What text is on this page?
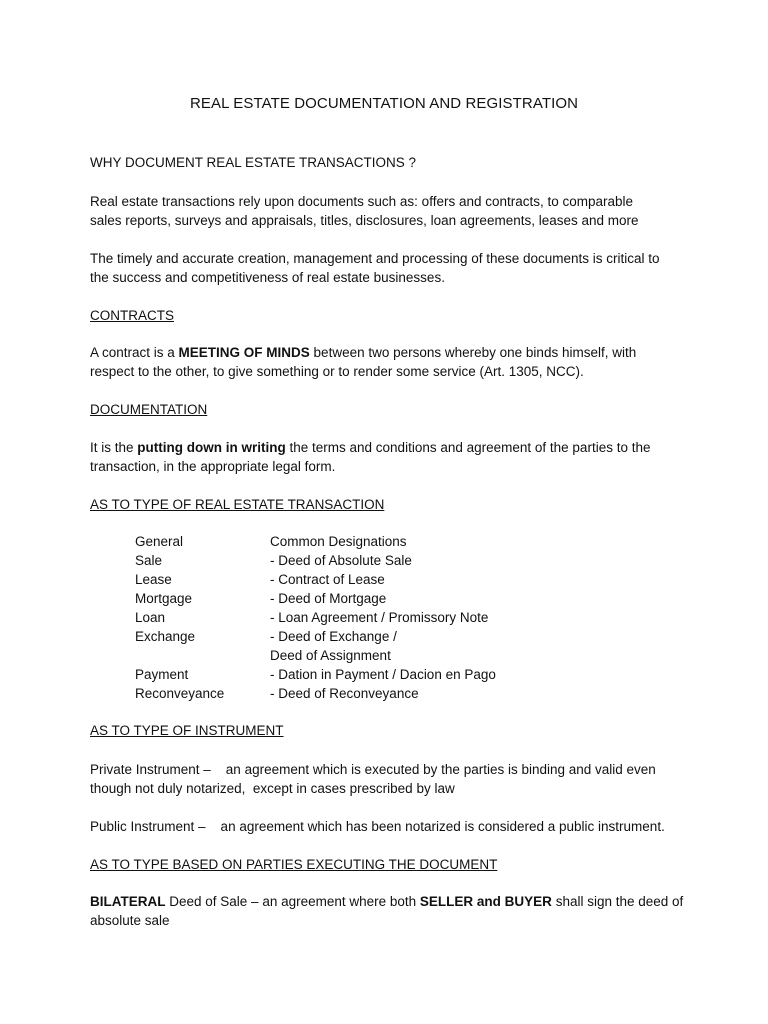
REAL ESTATE DOCUMENTATION AND REGISTRATION
WHY DOCUMENT REAL ESTATE TRANSACTIONS ?
Real estate transactions rely upon documents such as: offers and contracts, to comparable
sales reports, surveys and appraisals, titles, disclosures, loan agreements, leases and more
The timely and accurate creation, management and processing of these documents is critical to
the success and competitiveness of real estate businesses.
CONTRACTS
A contract is a MEETING OF MINDS between two persons whereby one binds himself, with
respect to the other, to give something or to render some service (Art. 1305, NCC).
DOCUMENTATION
It is the putting down in writing the terms and conditions and agreement of the parties to the
transaction, in the appropriate legal form.
AS TO TYPE OF REAL ESTATE TRANSACTION
General	Common Designations
Sale	- Deed of Absolute Sale
Lease	- Contract of Lease
Mortgage	- Deed of Mortgage
Loan	- Loan Agreement / Promissory Note
Exchange	- Deed of Exchange /
Deed of Assignment
Payment	- Dation in Payment / Dacion en Pago
Reconveyance	- Deed of Reconveyance
AS TO TYPE OF INSTRUMENT
Private Instrument –    an agreement which is executed by the parties is binding and valid even
though not duly notarized,  except in cases prescribed by law
Public Instrument –    an agreement which has been notarized is considered a public instrument.
AS TO TYPE BASED ON PARTIES EXECUTING THE DOCUMENT
BILATERAL Deed of Sale – an agreement where both SELLER and BUYER shall sign the deed of
absolute sale
